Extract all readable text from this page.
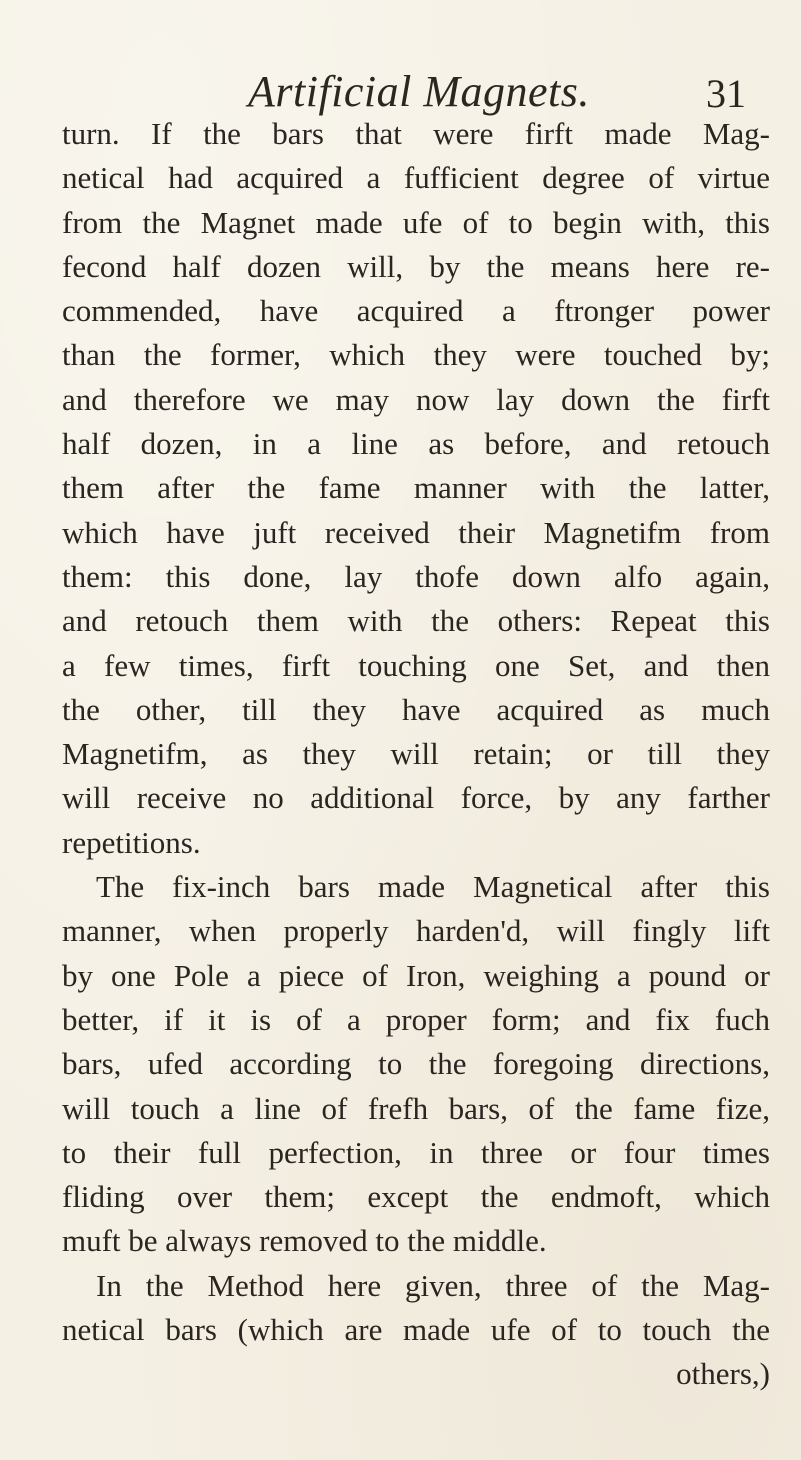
Artificial Magnets.	31
turn. If the bars that were firft made Mag-
netical had acquired a fufficient degree of virtue
from the Magnet made ufe of to begin with, this
fecond half dozen will, by the means here re-
commended, have acquired a ftronger power
than the former, which they were touched by;
and therefore we may now lay down the firft
half dozen, in a line as before, and retouch
them after the fame manner with the latter,
which have juft received their Magnetifm from
them: this done, lay thofe down alfo again,
and retouch them with the others: Repeat this
a few times, firft touching one Set, and then
the other, till they have acquired as much
Magnetifm, as they will retain; or till they
will receive no additional force, by any farther
repetitions.
The fix-inch bars made Magnetical after this
manner, when properly harden'd, will fingly lift
by one Pole a piece of Iron, weighing a pound or
better, if it is of a proper form; and fix fuch
bars, ufed according to the foregoing directions,
will touch a line of frefh bars, of the fame fize,
to their full perfection, in three or four times
fliding over them; except the endmoft, which
muft be always removed to the middle.
In the Method here given, three of the Mag-
netical bars (which are made ufe of to touch the
others,)
